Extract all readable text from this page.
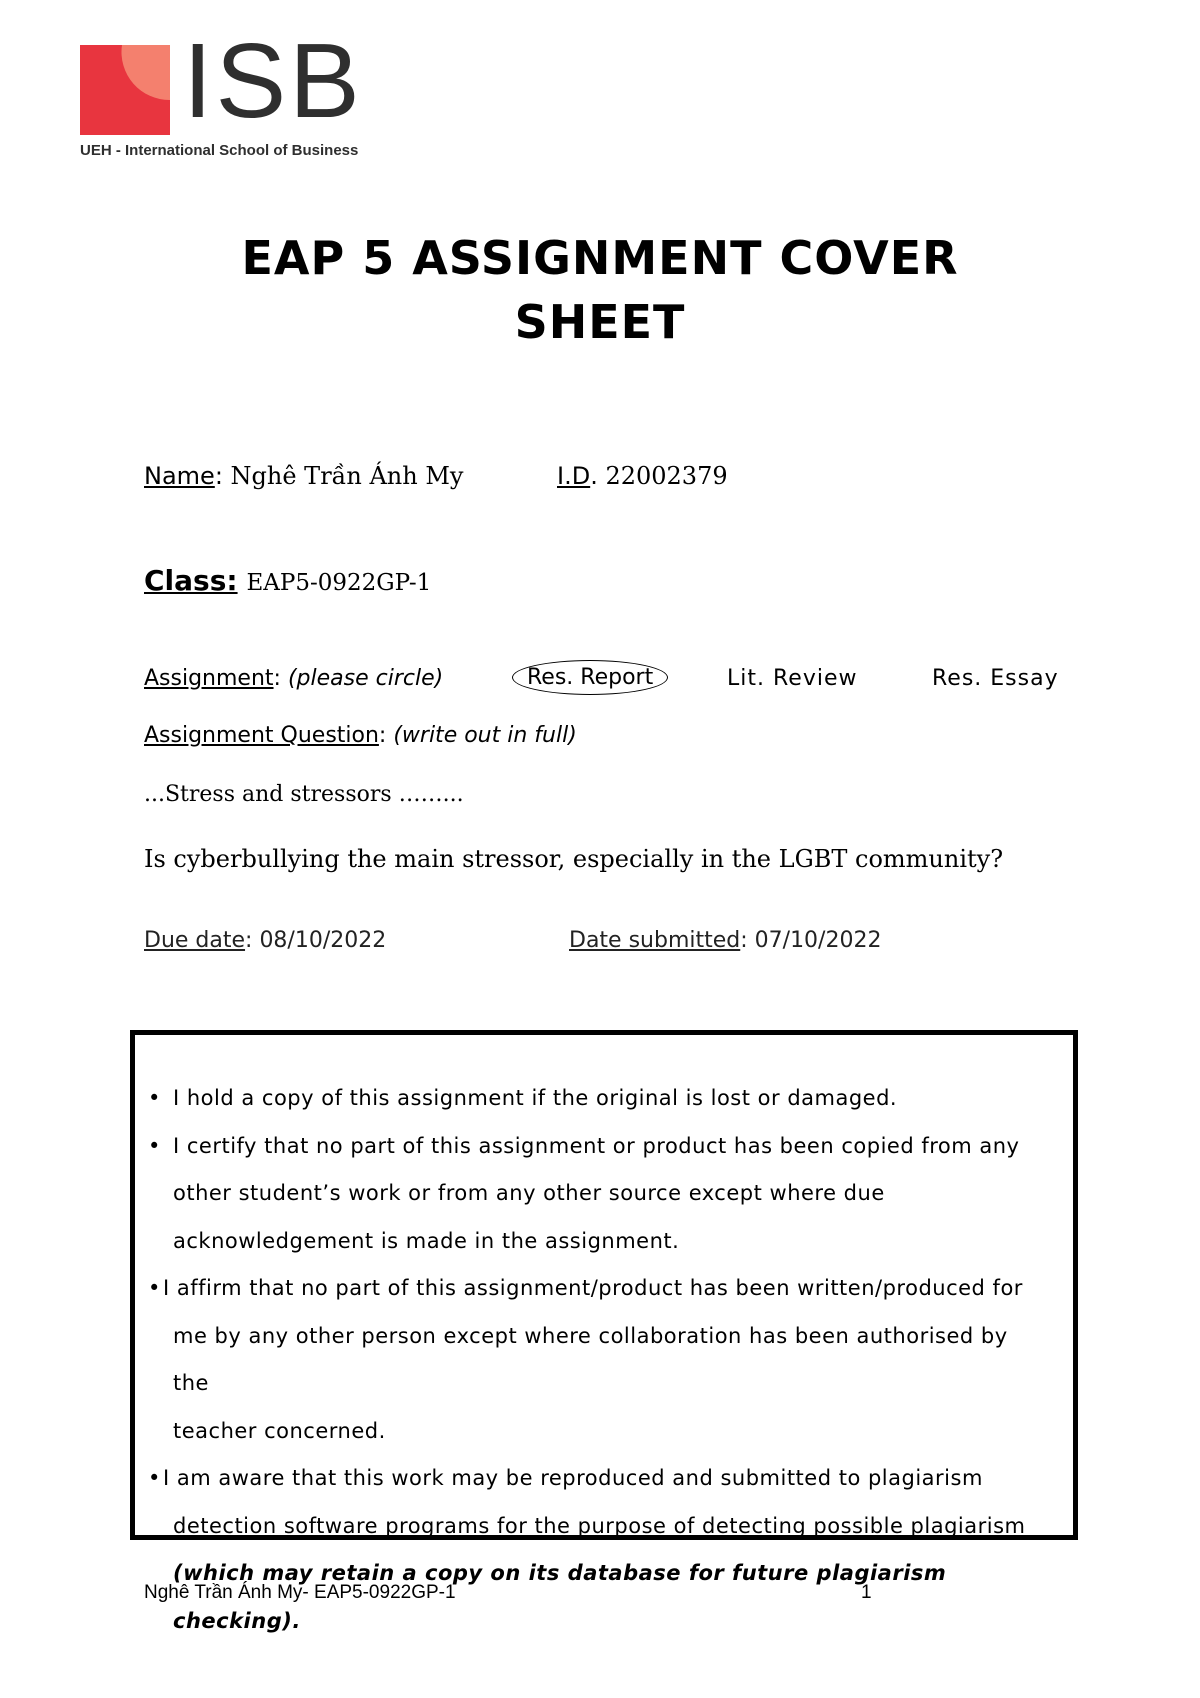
ISB
UEH - International School of Business
EAP 5 ASSIGNMENT COVER
SHEET
Name: Nghê Trần Ánh My	I.D. 22002379
Class: EAP5-0922GP-1
Assignment: (please circle)	Res. Report	Lit. Review	Res. Essay
Assignment Question: (write out in full)
...Stress and stressors ……...
Is cyberbullying the main stressor, especially in the LGBT community?
Due date: 08/10/2022	Date submitted: 07/10/2022
• I hold a copy of this assignment if the original is lost or damaged.
• I certify that no part of this assignment or product has been copied from any
other student’s work or from any other source except where due
acknowledgement is made in the assignment.
• I affirm that no part of this assignment/product has been written/produced for
me by any other person except where collaboration has been authorised by the
teacher concerned.
• I am aware that this work may be reproduced and submitted to plagiarism
detection software programs for the purpose of detecting possible plagiarism
(which may retain a copy on its database for future plagiarism checking).
Nghê Trần Ánh My- EAP5-0922GP-1	1
